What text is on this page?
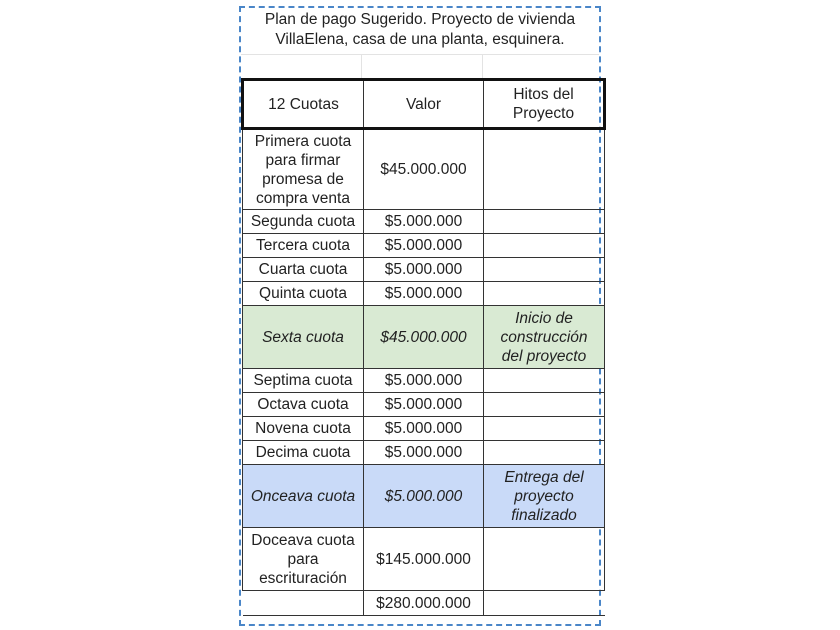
Plan de pago Sugerido. Proyecto de vivienda VillaElena, casa de una planta, esquinera.
12 Cuotas	Valor	Hitos del Proyecto
Primera cuota para firmar promesa de compra venta	$45.000.000	
Segunda cuota	$5.000.000	
Tercera cuota	$5.000.000	
Cuarta cuota	$5.000.000	
Quinta cuota	$5.000.000	
Sexta cuota	$45.000.000	Inicio de construcción del proyecto
Septima cuota	$5.000.000	
Octava cuota	$5.000.000	
Novena cuota	$5.000.000	
Decima cuota	$5.000.000	
Onceava cuota	$5.000.000	Entrega del proyecto finalizado
Doceava cuota para escrituración	$145.000.000	
	$280.000.000	
